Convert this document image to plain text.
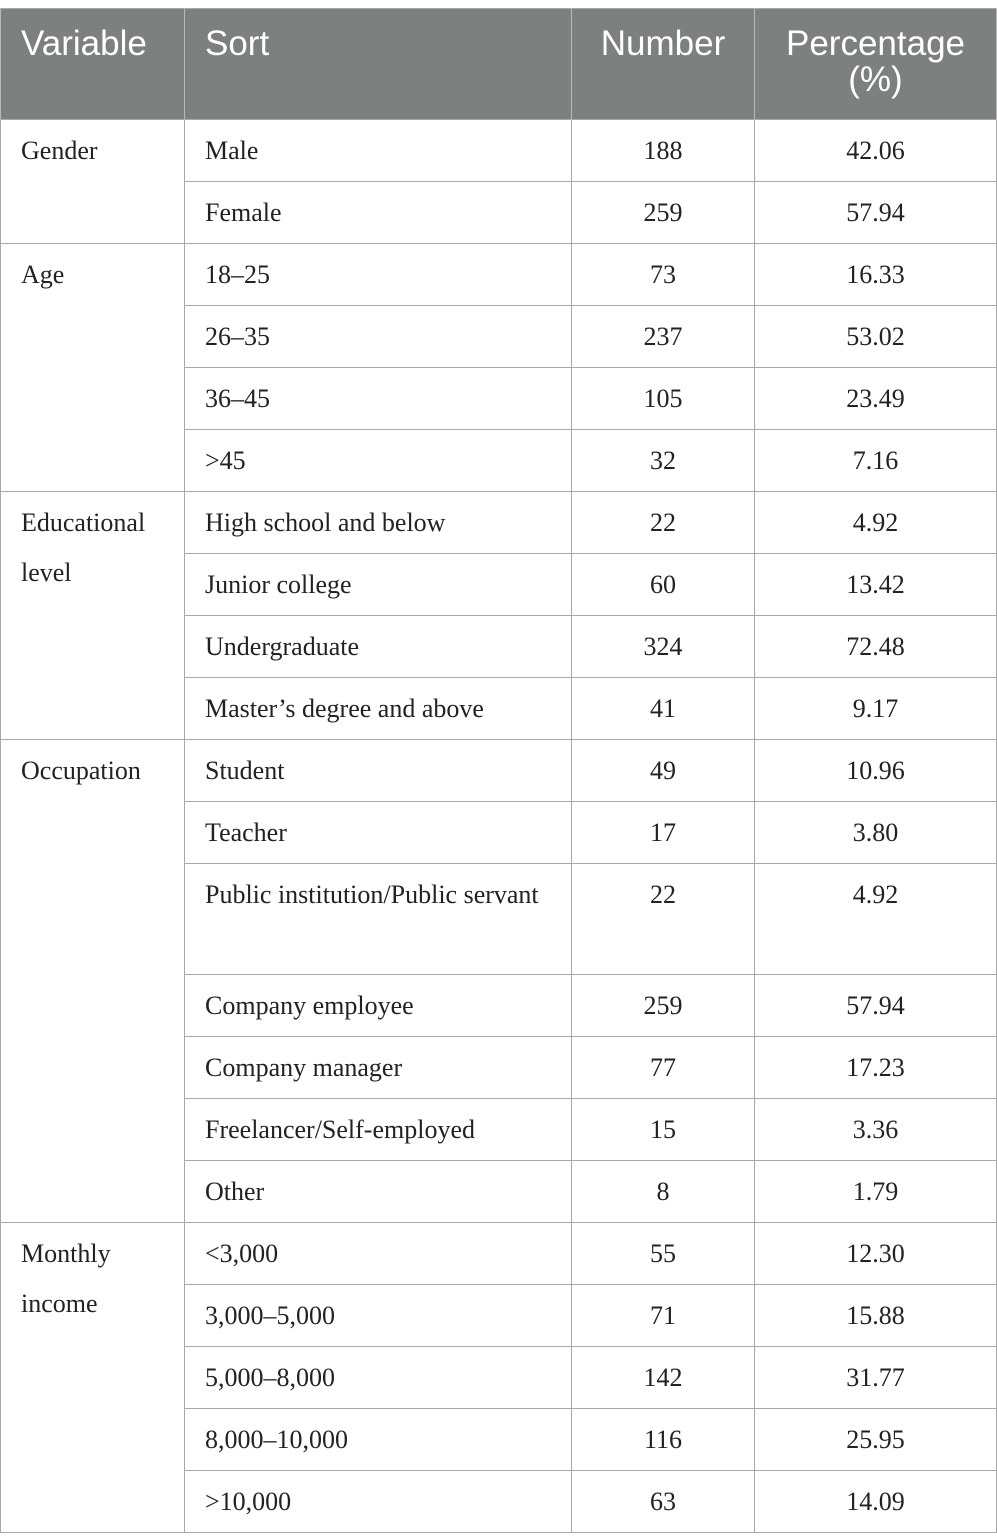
Variable	Sort	Number	Percentage (%)
Gender	Male	188	42.06
	Female	259	57.94
Age	18–25	73	16.33
	26–35	237	53.02
	36–45	105	23.49
	>45	32	7.16
Educational level	High school and below	22	4.92
	Junior college	60	13.42
	Undergraduate	324	72.48
	Master’s degree and above	41	9.17
Occupation	Student	49	10.96
	Teacher	17	3.80
	Public institution/Public servant	22	4.92
	Company employee	259	57.94
	Company manager	77	17.23
	Freelancer/Self-employed	15	3.36
	Other	8	1.79
Monthly income	<3,000	55	12.30
	3,000–5,000	71	15.88
	5,000–8,000	142	31.77
	8,000–10,000	116	25.95
	>10,000	63	14.09
